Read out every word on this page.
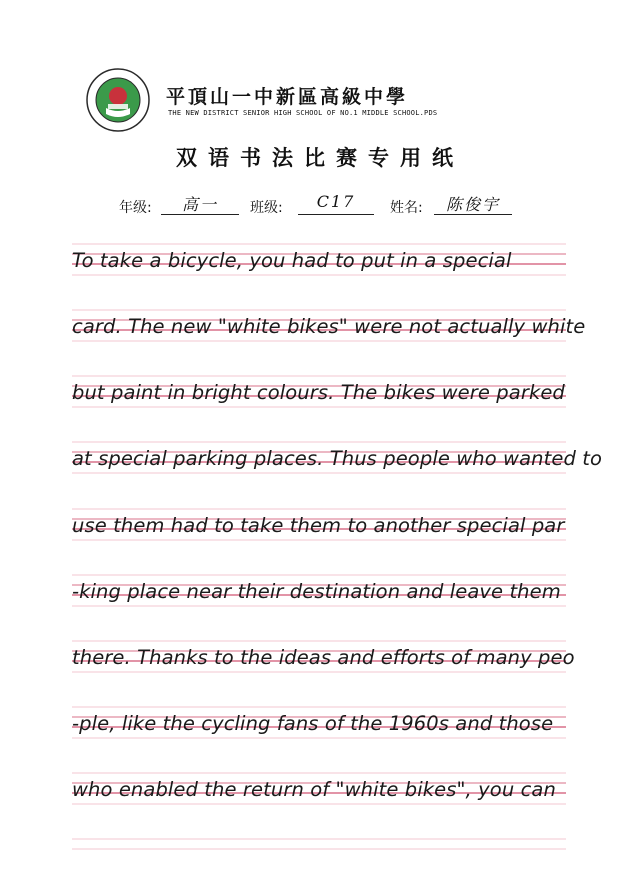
平頂山一中新區高級中學
THE NEW DISTRICT SENIOR HIGH SCHOOL OF NO.1 MIDDLE SCHOOL.PDS
双语书法比赛专用纸
年级:	高一	班级:	C17	姓名:	陈俊宇
To take a bicycle, you had to put in a special
card. The new "white bikes" were not actually white
but paint in bright colours. The bikes were parked
at special parking places. Thus people who wanted to
use them had to take them to another special par
-king place near their destination and leave them
there. Thanks to the ideas and efforts of many peo
-ple, like the cycling fans of the 1960s and those
who enabled the return of "white bikes", you can
